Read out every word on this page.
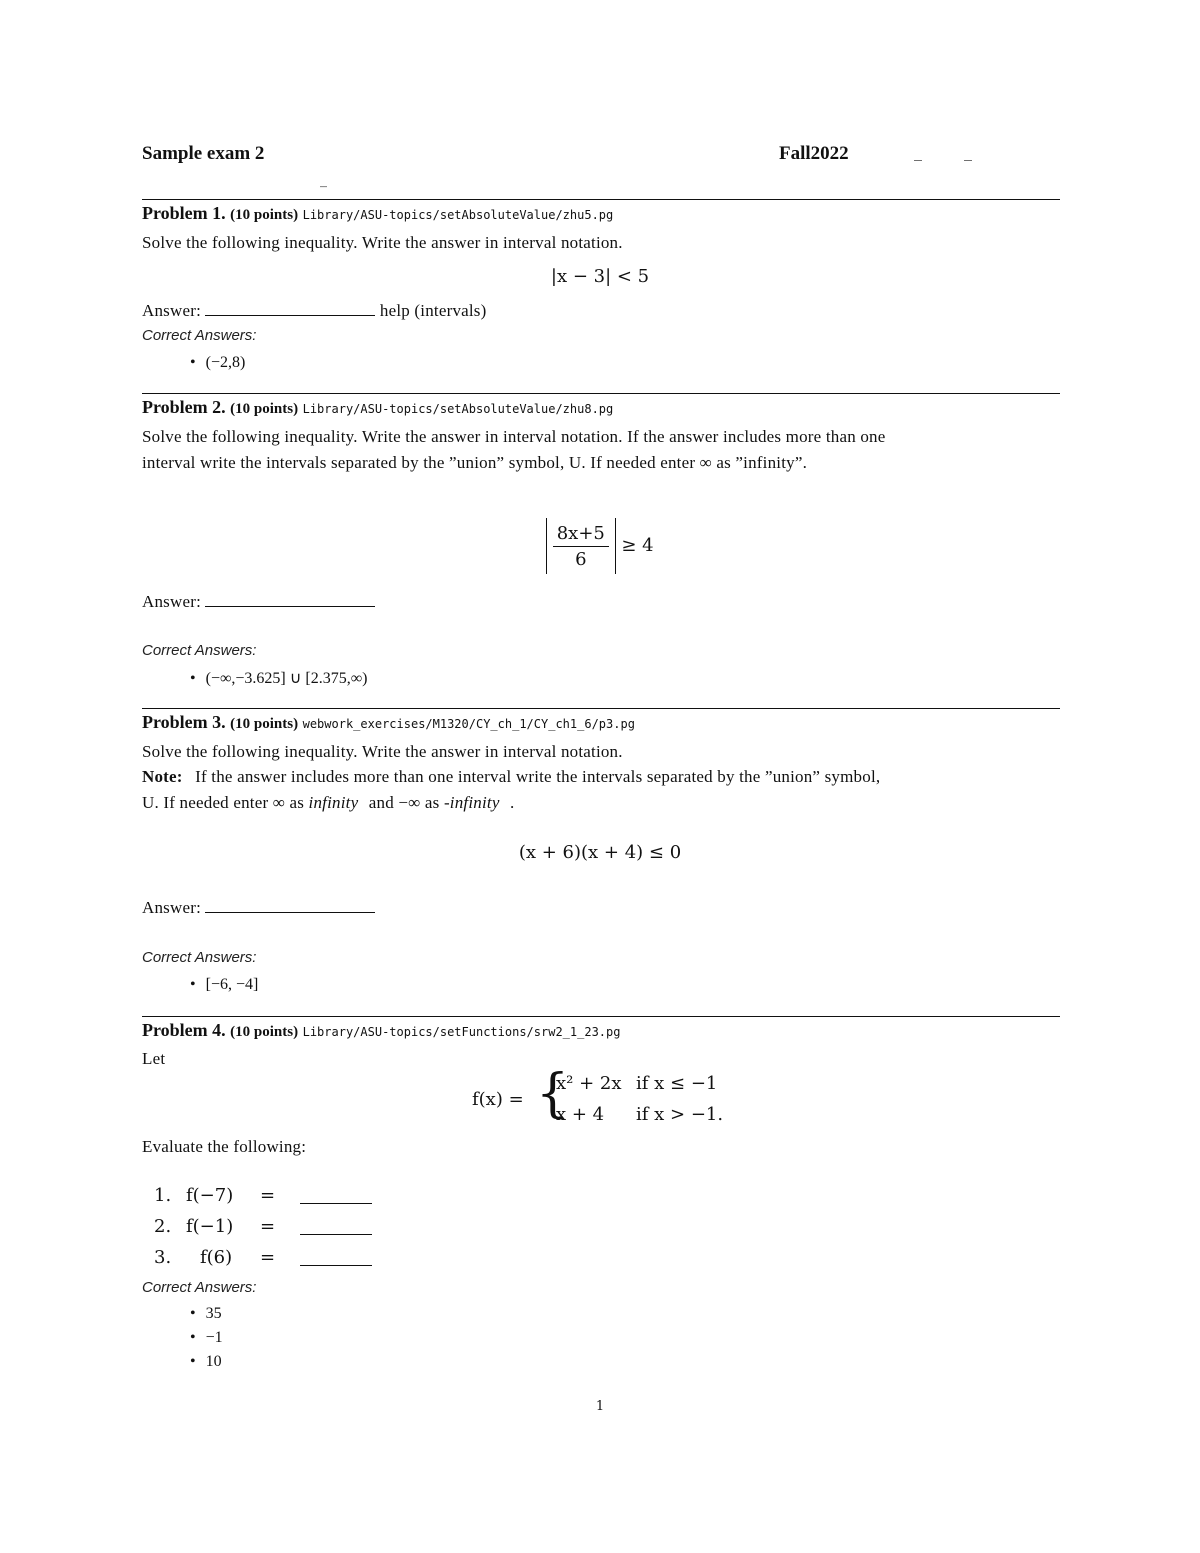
Sample exam 2	Fall2022	_	_
_
Problem 1. (10 points) Library/ASU-topics/setAbsoluteValue/zhu5.pg
Solve the following inequality. Write the answer in interval notation.
|x − 3| < 5
Answer:	help (intervals)
Correct Answers:
• (−2,8)
Problem 2. (10 points) Library/ASU-topics/setAbsoluteValue/zhu8.pg
Solve the following inequality. Write the answer in interval notation. If the answer includes more than one
interval write the intervals separated by the ”union” symbol, U. If needed enter ∞ as ”infinity”.

$\frac{8x+5}{6} \ge 4$
Answer:
Correct Answers:
• (−∞,−3.625] ∪ [2.375,∞)
Problem 3. (10 points) webwork_exercises/M1320/CY_ch_1/CY_ch1_6/p3.pg
Solve the following inequality. Write the answer in interval notation.
Note: If the answer includes more than one interval write the intervals separated by the ”union” symbol,
U. If needed enter ∞ as infinity and −∞ as -infinity .
(x + 6)(x + 4) ≤ 0
Answer:
Correct Answers:
• [−6, −4]
Problem 4. (10 points) Library/ASU-topics/setFunctions/srw2_1_23.pg
Let
f(x) = {
x² + 2x if x ≤ −1
x + 4 if x > −1.
Evaluate the following:
1. f(−7) =
2. f(−1) =
3. f(6) =
Correct Answers:
• 35
• −1
• 10
1
